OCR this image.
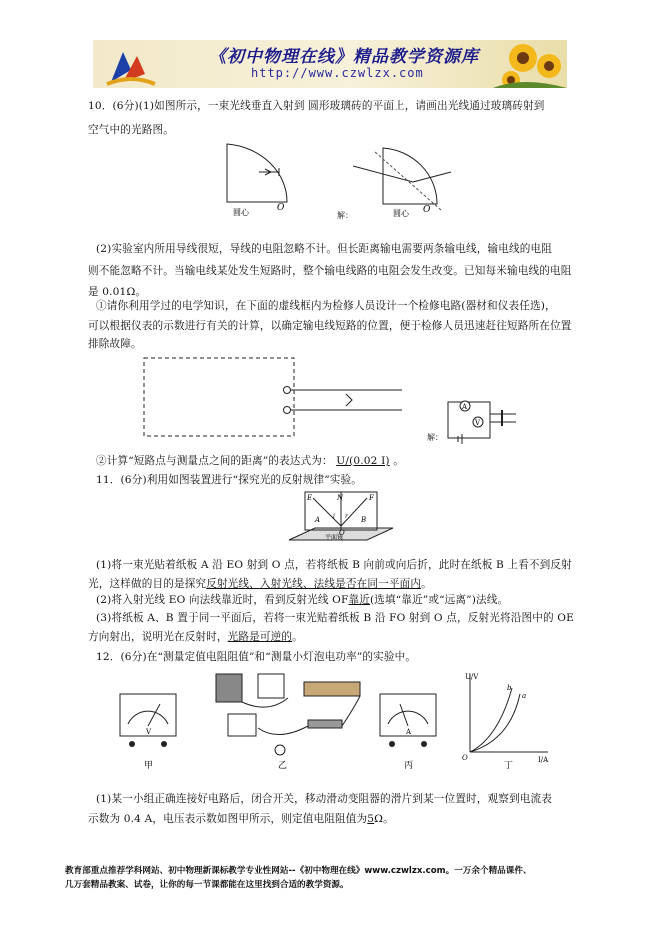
《初中物理在线》精品教学资源库
http://www.czwlzx.com
10．(6分)(1)如图所示，一束光线垂直入射到 圆形玻璃砖的平面上，请画出光线通过玻璃砖射到
空气中的光路图。
O
圆心	O
圆心
解：
(2)实验室内所用导线很短，导线的电阻忽略不计。但长距离输电需要两条输电线，输电线的电阻
则不能忽略不计。当输电线某处发生短路时，整个输电线路的电阻会发生改变。已知每米输电线的电阻
是 0.01Ω。
①请你利用学过的电学知识，在下面的虚线框内为检修人员设计一个检修电路(器材和仪表任选)，
可以根据仪表的示数进行有关的计算，以确定输电线短路的位置，便于检修人员迅速赶往短路所在位置
排除故障。
A
V
解：
②计算“短路点与测量点之间的距离”的表达式为： U/(0.02 I) 。
11．(6分)利用如图装置进行“探究光的反射规律”实验。
E	N	F
A	B
O
i r
平面镜
(1)将一束光贴着纸板 A 沿 EO 射到 O 点，若将纸板 B 向前或向后折，此时在纸板 B 上看不到反射
光，这样做的目的是探究反射光线、入射光线、法线是否在同一平面内。
(2)将入射光线 EO 向法线靠近时，看到反射光线 OF靠近(选填“靠近”或“远离”)法线。
(3)将纸板 A、B 置于同一平面后，若将一束光贴着纸板 B 沿 FO 射到 O 点，反射光将沿图中的 OE
方向射出，说明光在反射时，光路是可逆的。
12．(6分)在“测量定值电阻阻值”和“测量小灯泡电功率”的实验中。
V
甲	乙
A
丙
U/V
I/A
a
b
O
丁
(1)某一小组正确连接好电路后，闭合开关，移动滑动变阻器的滑片到某一位置时，观察到电流表
示数为 0.4 A，电压表示数如图甲所示，则定值电阻阻值为5Ω。
教育部重点推荐学科网站、初中物理新课标教学专业性网站--《初中物理在线》www.czwlzx.com。一万余个精品课件、
几万套精品教案、试卷，让你的每一节课都能在这里找到合适的教学资源。
